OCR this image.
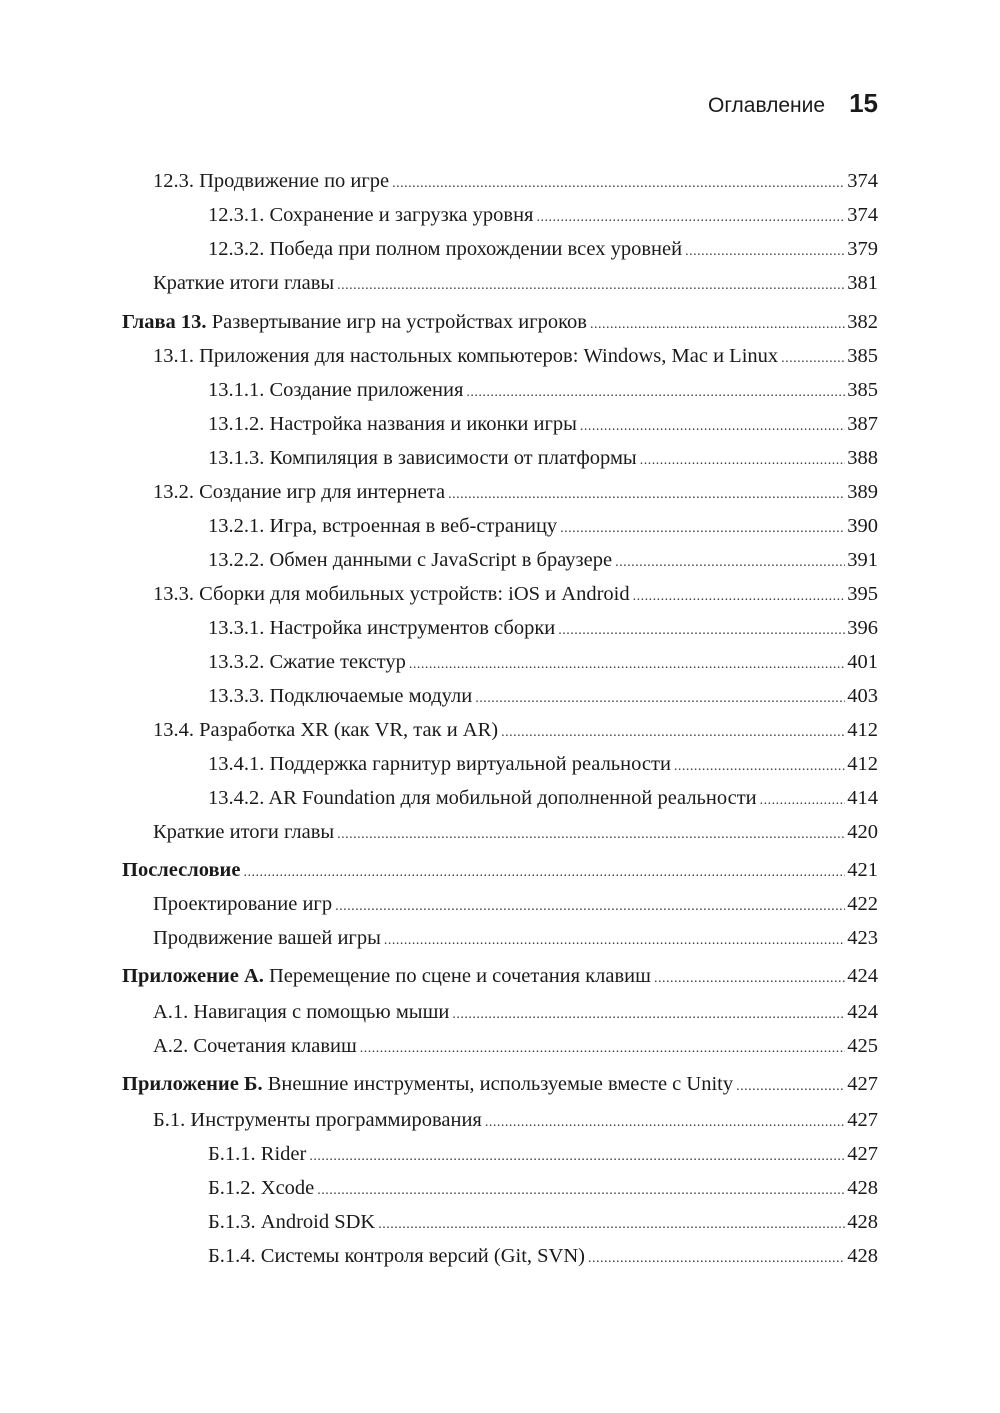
Оглавление 15
12.3. Продвижение по игре .....	374
12.3.1. Сохранение и загрузка уровня .....	374
12.3.2. Победа при полном прохождении всех уровней .....	379
Краткие итоги главы .....	381
Глава 13. Развертывание игр на устройствах игроков .....	382
13.1. Приложения для настольных компьютеров: Windows, Mac и Linux .....	385
13.1.1. Создание приложения .....	385
13.1.2. Настройка названия и иконки игры .....	387
13.1.3. Компиляция в зависимости от платформы .....	388
13.2. Создание игр для интернета .....	389
13.2.1. Игра, встроенная в веб-страницу .....	390
13.2.2. Обмен данными с JavaScript в браузере .....	391
13.3. Сборки для мобильных устройств: iOS и Android .....	395
13.3.1. Настройка инструментов сборки .....	396
13.3.2. Сжатие текстур .....	401
13.3.3. Подключаемые модули .....	403
13.4. Разработка XR (как VR, так и AR) .....	412
13.4.1. Поддержка гарнитур виртуальной реальности .....	412
13.4.2. AR Foundation для мобильной дополненной реальности .....	414
Краткие итоги главы .....	420
Послесловие .....	421
Проектирование игр .....	422
Продвижение вашей игры .....	423
Приложение А. Перемещение по сцене и сочетания клавиш .....	424
А.1. Навигация с помощью мыши .....	424
А.2. Сочетания клавиш .....	425
Приложение Б. Внешние инструменты, используемые вместе с Unity .....	427
Б.1. Инструменты программирования .....	427
Б.1.1. Rider .....	427
Б.1.2. Xcode .....	428
Б.1.3. Android SDK .....	428
Б.1.4. Системы контроля версий (Git, SVN) .....	428
